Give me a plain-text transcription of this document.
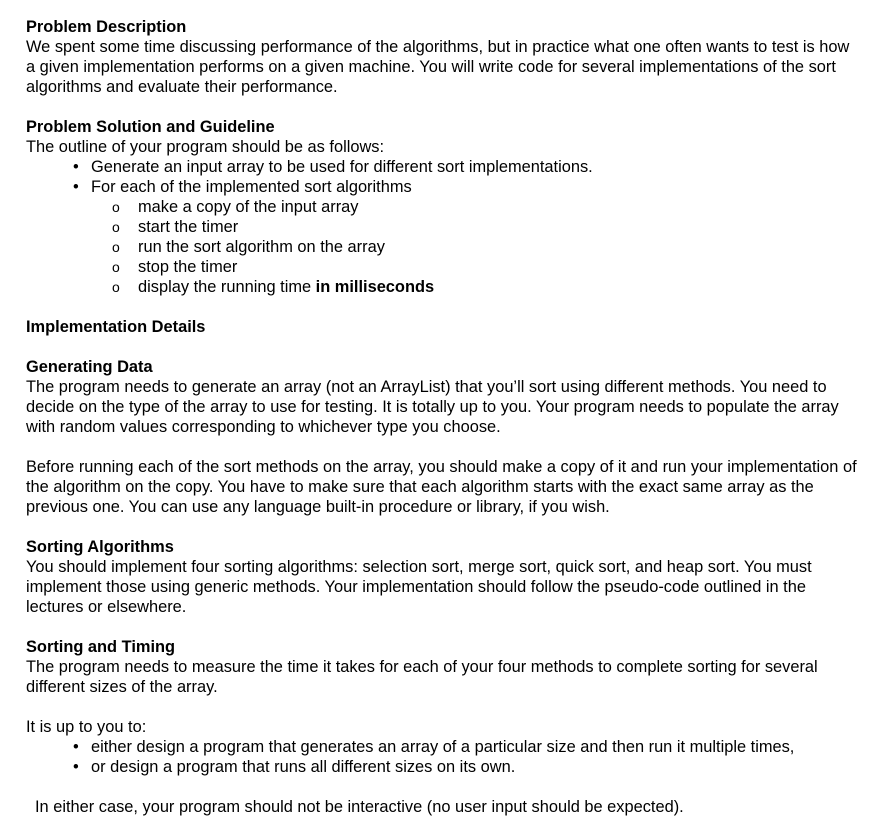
Problem Description

We spent some time discussing performance of the algorithms, but in practice what one often wants to test is how a given implementation performs on a given machine. You will write code for several implementations of the sort algorithms and evaluate their performance.

Problem Solution and Guideline

The outline of your program should be as follows:

• Generate an input array to be used for different sort implementations.
• For each of the implemented sort algorithms
o make a copy of the input array
o start the timer
o run the sort algorithm on the array
o stop the timer
o display the running time in milliseconds

Implementation Details

Generating Data

The program needs to generate an array (not an ArrayList) that you’ll sort using different methods. You need to decide on the type of the array to use for testing. It is totally up to you. Your program needs to populate the array with random values corresponding to whichever type you choose.

Before running each of the sort methods on the array, you should make a copy of it and run your implementation of the algorithm on the copy. You have to make sure that each algorithm starts with the exact same array as the previous one. You can use any language built-in procedure or library, if you wish.

Sorting Algorithms

You should implement four sorting algorithms: selection sort, merge sort, quick sort, and heap sort. You must implement those using generic methods. Your implementation should follow the pseudo-code outlined in the lectures or elsewhere.

Sorting and Timing

The program needs to measure the time it takes for each of your four methods to complete sorting for several different sizes of the array.

It is up to you to:

• either design a program that generates an array of a particular size and then run it multiple times,
• or design a program that runs all different sizes on its own.

In either case, your program should not be interactive (no user input should be expected).
